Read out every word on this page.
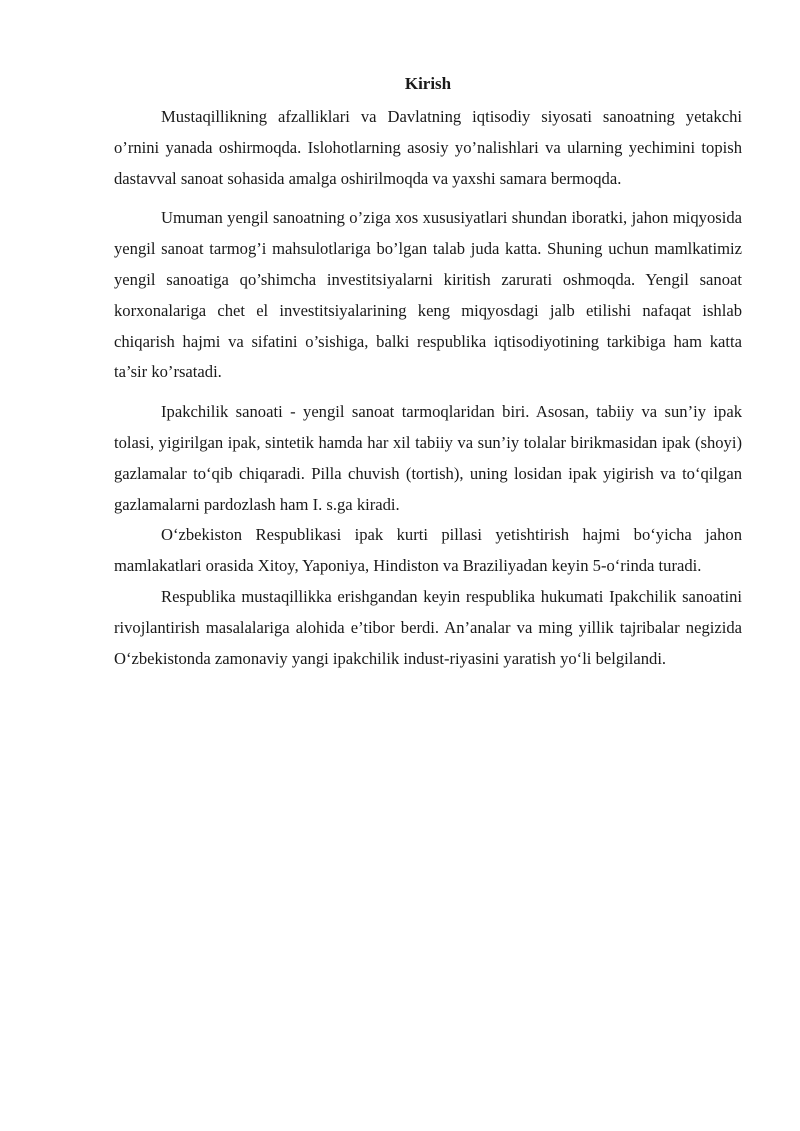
Kirish

Mustaqillikning afzalliklari va Davlatning iqtisodiy siyosati sanoatning yetakchi o’rnini yanada oshirmoqda. Islohotlarning asosiy yo’nalishlari va ularning yechimini topish dastavval sanoat sohasida amalga oshirilmoqda va yaxshi samara bermoqda.

Umuman yengil sanoatning o’ziga xos xususiyatlari shundan iboratki, jahon miqyosida yengil sanoat tarmog’i mahsulotlariga bo’lgan talab juda katta. Shuning uchun mamlkatimiz yengil sanoatiga qo’shimcha investitsiyalarni kiritish zarurati oshmoqda. Yengil sanoat korxonalariga chet el investitsiyalarining keng miqyosdagi jalb etilishi nafaqat ishlab chiqarish hajmi va sifatini o’sishiga, balki respublika iqtisodiyotining tarkibiga ham katta ta’sir ko’rsatadi.

Ipakchilik sanoati - yengil sanoat tarmoqlaridan biri. Asosan, tabiiy va sun’iy ipak tolasi, yigirilgan ipak, sintetik hamda har xil tabiiy va sun’iy tolalar birikmasidan ipak (shoyi) gazlamalar to‘qib chiqaradi. Pilla chuvish (tortish), uning losidan ipak yigirish va to‘qilgan gazlamalarni pardozlash ham I. s.ga kiradi.

O‘zbekiston Respublikasi ipak kurti pillasi yetishtirish hajmi bo‘yicha jahon mamlakatlari orasida Xitoy, Yaponiya, Hindiston va Braziliyadan keyin 5-o‘rinda turadi.

Respublika mustaqillikka erishgandan keyin respublika hukumati Ipakchilik sanoatini rivojlantirish masalalariga alohida e’tibor berdi. An’analar va ming yillik tajribalar negizida O‘zbekistonda zamonaviy yangi ipakchilik indust-riyasini yaratish yo‘li belgilandi.
